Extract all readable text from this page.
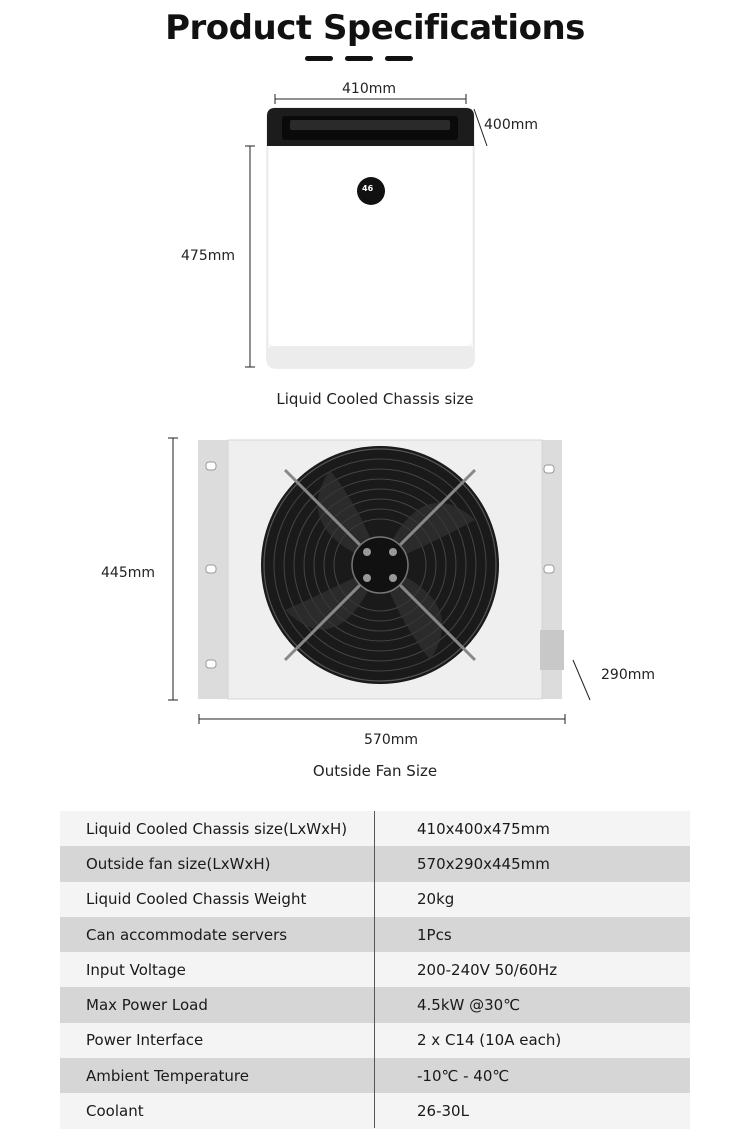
Product Specifications
410mm
400mm
475mm
46
Liquid Cooled Chassis size
445mm
290mm
570mm
Outside Fan Size
Liquid Cooled Chassis size(LxWxH)	410x400x475mm
Outside fan size(LxWxH)	570x290x445mm
Liquid Cooled Chassis Weight	20kg
Can accommodate servers	1Pcs
Input Voltage	200-240V 50/60Hz
Max Power Load	4.5kW @30℃
Power Interface	2 x C14 (10A each)
Ambient Temperature	-10℃ - 40℃
Coolant	26-30L
